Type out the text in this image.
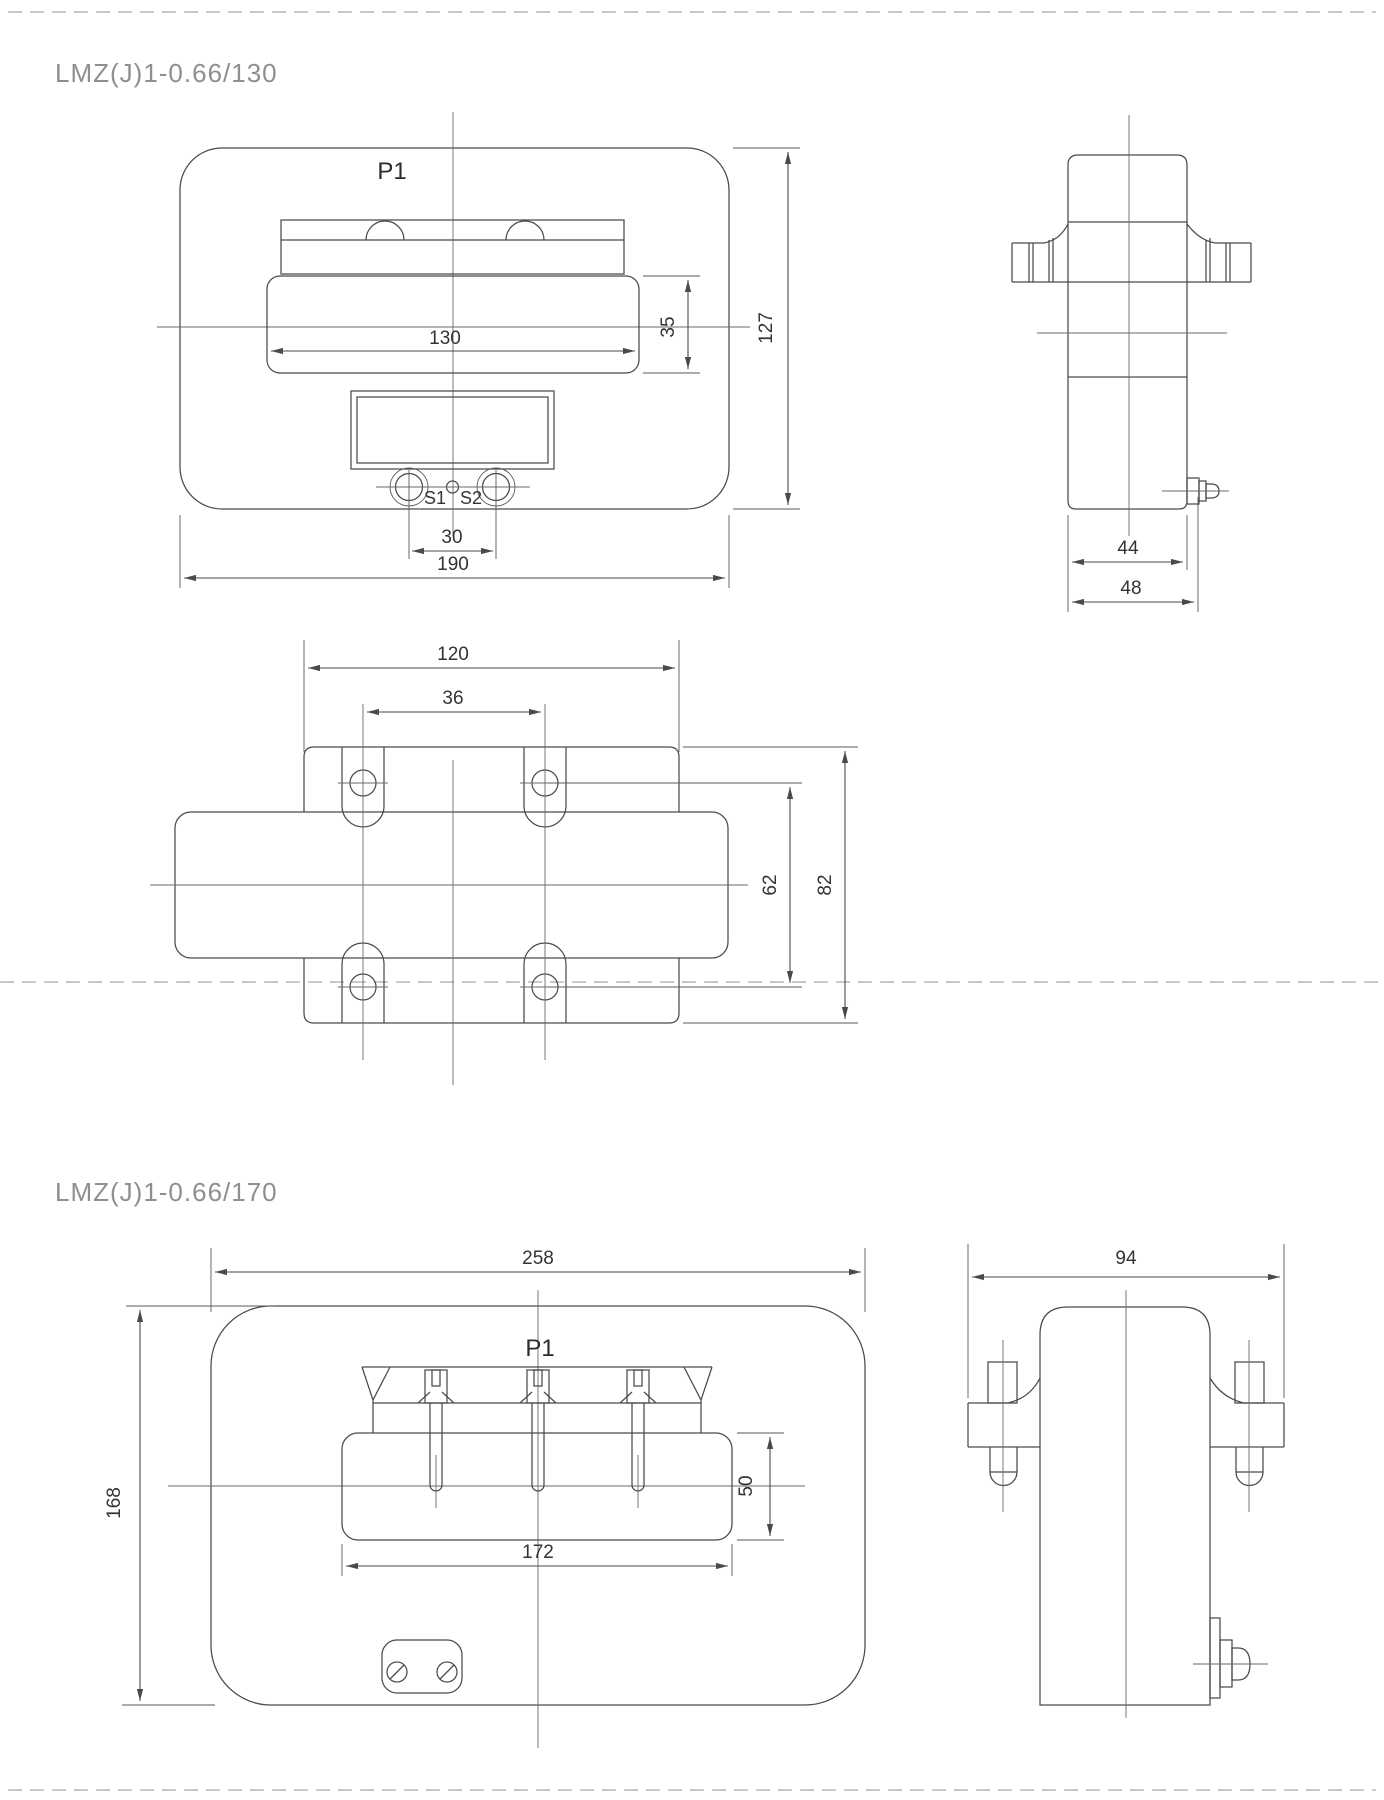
LMZ(J)1-0.66/130
LMZ(J)1-0.66/170
P1
S1 S2
130
35	127
30
190
44
48
120
36
62 82
P1
258
168
50
172
94
